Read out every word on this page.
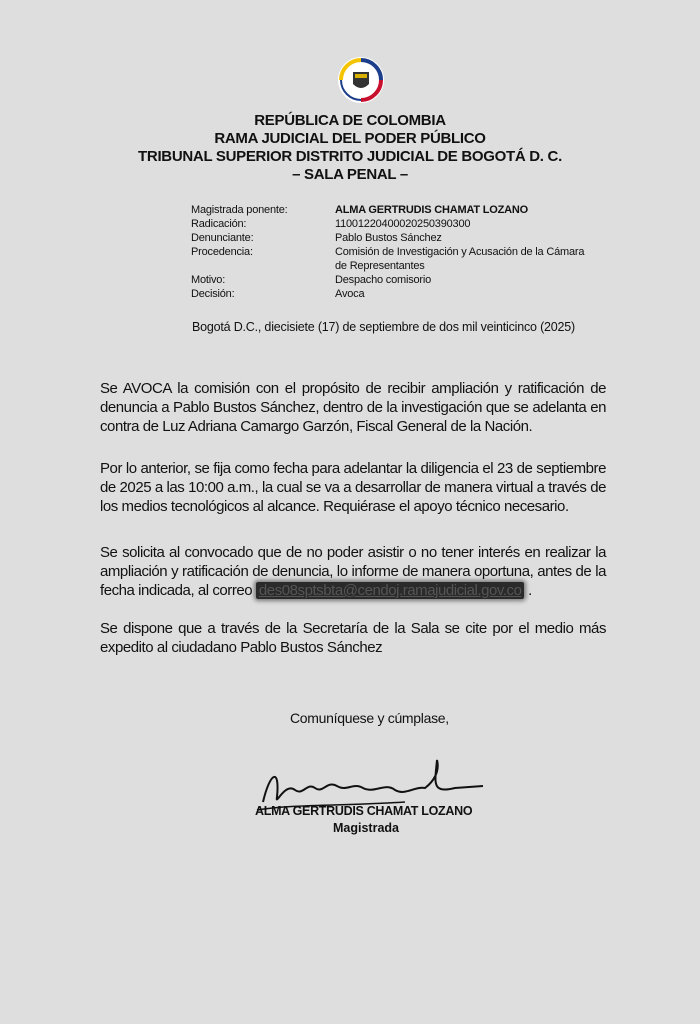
REPÚBLICA DE COLOMBIA
RAMA JUDICIAL DEL PODER PÚBLICO
TRIBUNAL SUPERIOR DISTRITO JUDICIAL DE BOGOTÁ D. C.
– SALA PENAL –
Magistrada ponente:	ALMA GERTRUDIS CHAMAT LOZANO
Radicación:	11001220400020250390300
Denunciante:	Pablo Bustos Sánchez
Procedencia:	Comisión de Investigación y Acusación de la Cámara de Representantes
Motivo:	Despacho comisorio
Decisión:	Avoca
Bogotá D.C., diecisiete (17) de septiembre de dos mil veinticinco (2025)

Se AVOCA la comisión con el propósito de recibir ampliación y ratificación de denuncia a Pablo Bustos Sánchez, dentro de la investigación que se adelanta en contra de Luz Adriana Camargo Garzón, Fiscal General de la Nación.

Por lo anterior, se fija como fecha para adelantar la diligencia el 23 de septiembre de 2025 a las 10:00 a.m., la cual se va a desarrollar de manera virtual a través de los medios tecnológicos al alcance. Requiérase el apoyo técnico necesario.

Se solicita al convocado que de no poder asistir o no tener interés en realizar la ampliación y ratificación de denuncia, lo informe de manera oportuna, antes de la fecha indicada, al correo des08sptsbta@cendoj.ramajudicial.gov.co .

Se dispone que a través de la Secretaría de la Sala se cite por el medio más expedito al ciudadano Pablo Bustos Sánchez

Comuníquese y cúmplase,
ALMA GERTRUDIS CHAMAT LOZANO
Magistrada
